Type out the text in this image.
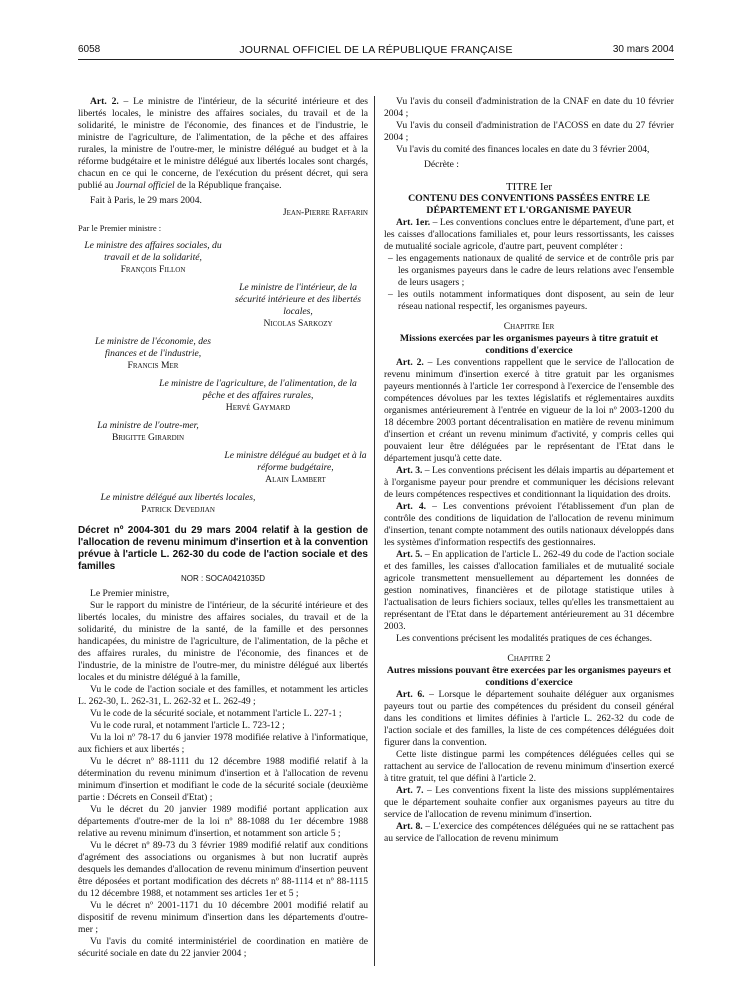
6058	JOURNAL OFFICIEL DE LA RÉPUBLIQUE FRANÇAISE	30 mars 2004

Art. 2. – Le ministre de l'intérieur, de la sécurité intérieure et des libertés locales, le ministre des affaires sociales, du travail et de la solidarité, le ministre de l'économie, des finances et de l'industrie, le ministre de l'agriculture, de l'alimentation, de la pêche et des affaires rurales, la ministre de l'outre-mer, le ministre délégué au budget et à la réforme budgétaire et le ministre délégué aux libertés locales sont chargés, chacun en ce qui le concerne, de l'exécution du présent décret, qui sera publié au Journal officiel de la République française.

Fait à Paris, le 29 mars 2004.

Jean-Pierre Raffarin

Par le Premier ministre :

Le ministre des affaires sociales, du travail et de la solidarité,

François Fillon

Le ministre de l'intérieur, de la sécurité intérieure et des libertés locales,

Nicolas Sarkozy

Le ministre de l'économie, des finances et de l'industrie,

Francis Mer

Le ministre de l'agriculture, de l'alimentation, de la pêche et des affaires rurales,

Hervé Gaymard

La ministre de l'outre-mer,

Brigitte Girardin

Le ministre délégué au budget et à la réforme budgétaire,

Alain Lambert

Le ministre délégué aux libertés locales,

Patrick Devedjian

Décret nº 2004-301 du 29 mars 2004 relatif à la gestion de l'allocation de revenu minimum d'insertion et à la convention prévue à l'article L. 262-30 du code de l'action sociale et des familles

NOR : SOCA0421035D

Le Premier ministre,

Sur le rapport du ministre de l'intérieur, de la sécurité intérieure et des libertés locales, du ministre des affaires sociales, du travail et de la solidarité, du ministre de la santé, de la famille et des personnes handicapées, du ministre de l'agriculture, de l'alimentation, de la pêche et des affaires rurales, du ministre de l'économie, des finances et de l'industrie, de la ministre de l'outre-mer, du ministre délégué aux libertés locales et du ministre délégué à la famille,

Vu le code de l'action sociale et des familles, et notamment les articles L. 262-30, L. 262-31, L. 262-32 et L. 262-49 ;

Vu le code de la sécurité sociale, et notamment l'article L. 227-1 ;

Vu le code rural, et notamment l'article L. 723-12 ;

Vu la loi nº 78-17 du 6 janvier 1978 modifiée relative à l'informatique, aux fichiers et aux libertés ;

Vu le décret nº 88-1111 du 12 décembre 1988 modifié relatif à la détermination du revenu minimum d'insertion et à l'allocation de revenu minimum d'insertion et modifiant le code de la sécurité sociale (deuxième partie : Décrets en Conseil d'Etat) ;

Vu le décret du 20 janvier 1989 modifié portant application aux départements d'outre-mer de la loi nº 88-1088 du 1er décembre 1988 relative au revenu minimum d'insertion, et notamment son article 5 ;

Vu le décret nº 89-73 du 3 février 1989 modifié relatif aux conditions d'agrément des associations ou organismes à but non lucratif auprès desquels les demandes d'allocation de revenu minimum d'insertion peuvent être déposées et portant modification des décrets nº 88-1114 et nº 88-1115 du 12 décembre 1988, et notamment ses articles 1er et 5 ;

Vu le décret nº 2001-1171 du 10 décembre 2001 modifié relatif au dispositif de revenu minimum d'insertion dans les départements d'outre-mer ;

Vu l'avis du comité interministériel de coordination en matière de sécurité sociale en date du 22 janvier 2004 ;

Vu l'avis du conseil d'administration de la CNAF en date du 10 février 2004 ;

Vu l'avis du conseil d'administration de l'ACOSS en date du 27 février 2004 ;

Vu l'avis du comité des finances locales en date du 3 février 2004,

Décrète :

TITRE Ier

CONTENU DES CONVENTIONS PASSÉES ENTRE LE DÉPARTEMENT ET L'ORGANISME PAYEUR

Art. 1er. – Les conventions conclues entre le département, d'une part, et les caisses d'allocations familiales et, pour leurs ressortissants, les caisses de mutualité sociale agricole, d'autre part, peuvent compléter :

– les engagements nationaux de qualité de service et de contrôle pris par les organismes payeurs dans le cadre de leurs relations avec l'ensemble de leurs usagers ;

– les outils notamment informatiques dont disposent, au sein de leur réseau national respectif, les organismes payeurs.

Chapitre Ier

Missions exercées par les organismes payeurs à titre gratuit et conditions d'exercice

Art. 2. – Les conventions rappellent que le service de l'allocation de revenu minimum d'insertion exercé à titre gratuit par les organismes payeurs mentionnés à l'article 1er correspond à l'exercice de l'ensemble des compétences dévolues par les textes législatifs et réglementaires auxdits organismes antérieurement à l'entrée en vigueur de la loi nº 2003-1200 du 18 décembre 2003 portant décentralisation en matière de revenu minimum d'insertion et créant un revenu minimum d'activité, y compris celles qui pouvaient leur être déléguées par le représentant de l'Etat dans le département jusqu'à cette date.

Art. 3. – Les conventions précisent les délais impartis au département et à l'organisme payeur pour prendre et communiquer les décisions relevant de leurs compétences respectives et conditionnant la liquidation des droits.

Art. 4. – Les conventions prévoient l'établissement d'un plan de contrôle des conditions de liquidation de l'allocation de revenu minimum d'insertion, tenant compte notamment des outils nationaux développés dans les systèmes d'information respectifs des gestionnaires.

Art. 5. – En application de l'article L. 262-49 du code de l'action sociale et des familles, les caisses d'allocation familiales et de mutualité sociale agricole transmettent mensuellement au département les données de gestion nominatives, financières et de pilotage statistique utiles à l'actualisation de leurs fichiers sociaux, telles qu'elles les transmettaient au représentant de l'Etat dans le département antérieurement au 31 décembre 2003.

Les conventions précisent les modalités pratiques de ces échanges.

Chapitre 2

Autres missions pouvant être exercées par les organismes payeurs et conditions d'exercice

Art. 6. – Lorsque le département souhaite déléguer aux organismes payeurs tout ou partie des compétences du président du conseil général dans les conditions et limites définies à l'article L. 262-32 du code de l'action sociale et des familles, la liste de ces compétences déléguées doit figurer dans la convention.

Cette liste distingue parmi les compétences déléguées celles qui se rattachent au service de l'allocation de revenu minimum d'insertion exercé à titre gratuit, tel que défini à l'article 2.

Art. 7. – Les conventions fixent la liste des missions supplémentaires que le département souhaite confier aux organismes payeurs au titre du service de l'allocation de revenu minimum d'insertion.

Art. 8. – L'exercice des compétences déléguées qui ne se rattachent pas au service de l'allocation de revenu minimum
